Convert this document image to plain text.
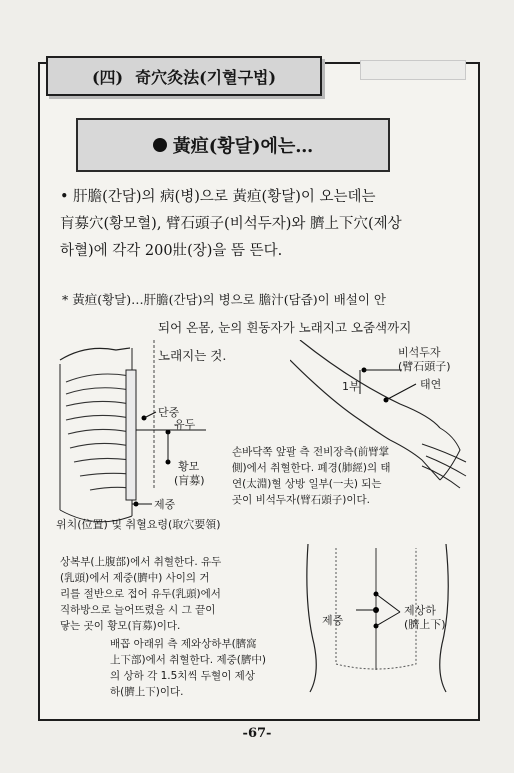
(四) 奇穴灸法(기혈구법)
黃疸(황달)에는…
• 肝膽(간담)의 病(병)으로 黃疸(황달)이 오는데는
肓募穴(황모혈), 臂石頭子(비석두자)와 臍上下穴(제상
하혈)에 각각 200壯(장)을 뜸 뜬다.
* 黃疸(황달)…肝膽(간담)의 병으로 膽汁(담즙)이 배설이 안
되어 온몸, 눈의 흰동자가 노래지고 오줌색까지
노래지는 것.
단중
유두
황모
(肓募)
제중
위치(位置) 및 취혈요령(取穴要領)
비석두자
(臂石頭子)
태연
1부
손바닥쪽 앞팔 측 전비장측(前臂掌
側)에서 취혈한다. 폐경(肺經)의 태
연(太淵)혈 상방 일부(一夫) 되는
곳이 비석두자(臂石頭子)이다.
상복부(上腹部)에서 취혈한다. 유두
(乳頭)에서 제중(臍中) 사이의 거
리를 절반으로 접어 유두(乳頭)에서
직하방으로 늘어뜨렸을 시 그 끝이
닿는 곳이 황모(肓募)이다.	제중
제상하
(臍上下)
배꼽 아래위 측 제와상하부(臍窩
上下部)에서 취혈한다. 제중(臍中)
의 상하 각 1.5치씩 두혈이 제상
하(臍上下)이다.
-67-
